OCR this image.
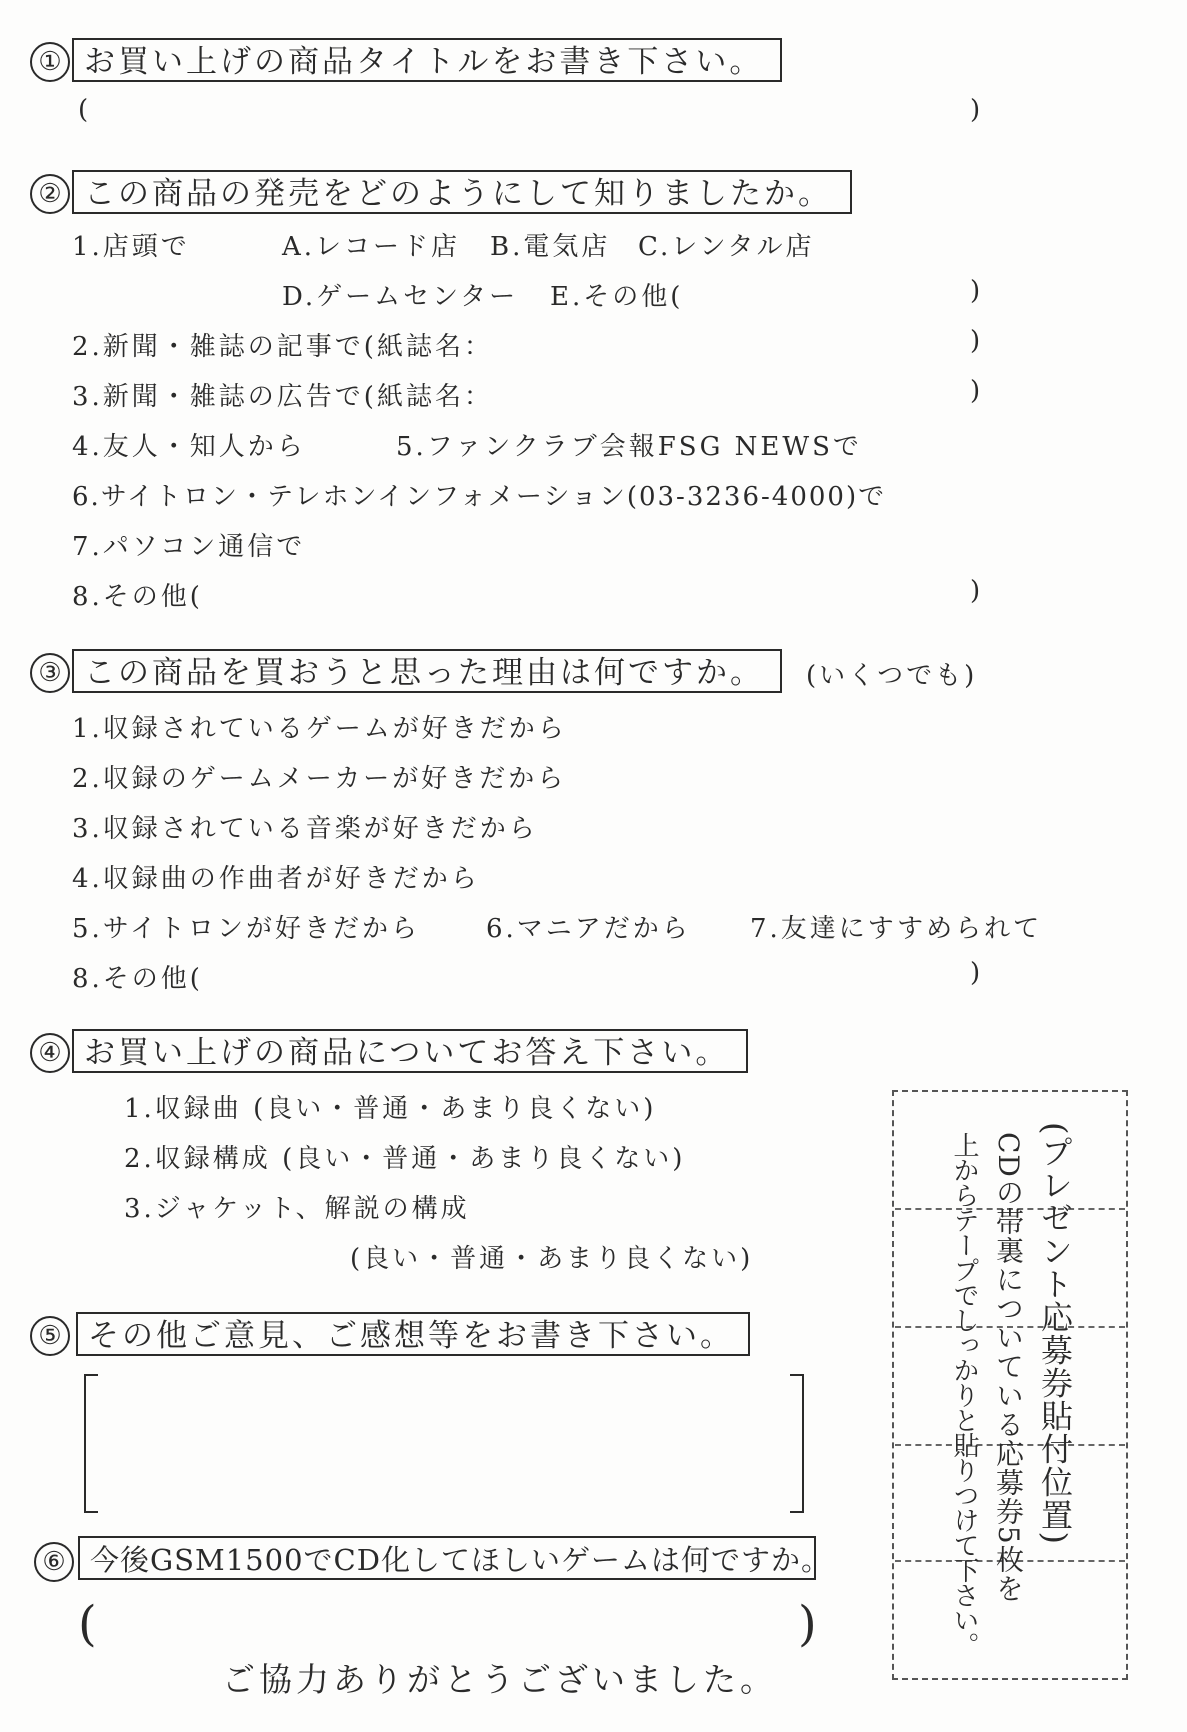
① お買い上げの商品タイトルをお書き下さい。
(	)
② この商品の発売をどのようにして知りましたか。
1.店頭で	A.レコード店 B.電気店 C.レンタル店
D.ゲームセンター E.その他(	)
2.新聞・雑誌の記事で(紙誌名：	)
3.新聞・雑誌の広告で(紙誌名：	)
4.友人・知人から	5.ファンクラブ会報FSG NEWSで
6.サイトロン・テレホンインフォメーション(03-3236-4000)で
7.パソコン通信で
8.その他(	)
③ この商品を買おうと思った理由は何ですか。	(いくつでも)
1.収録されているゲームが好きだから
2.収録のゲームメーカーが好きだから
3.収録されている音楽が好きだから
4.収録曲の作曲者が好きだから
5.サイトロンが好きだから	6.マニアだから 7.友達にすすめられて
8.その他(	)
④ お買い上げの商品についてお答え下さい。
1.収録曲 (良い・普通・あまり良くない)
2.収録構成 (良い・普通・あまり良くない)
3.ジャケット、解説の構成
(良い・普通・あまり良くない)
⑤ その他ご意見、ご感想等をお書き下さい。
⑥ 今後GSM1500でCD化してほしいゲームは何ですか。
(	)
ご協力ありがとうございました。
(プレゼント応募券貼付位置)
CDの帯裏についている応募券5枚を
上からテープでしっかりと貼りつけて下さい。
